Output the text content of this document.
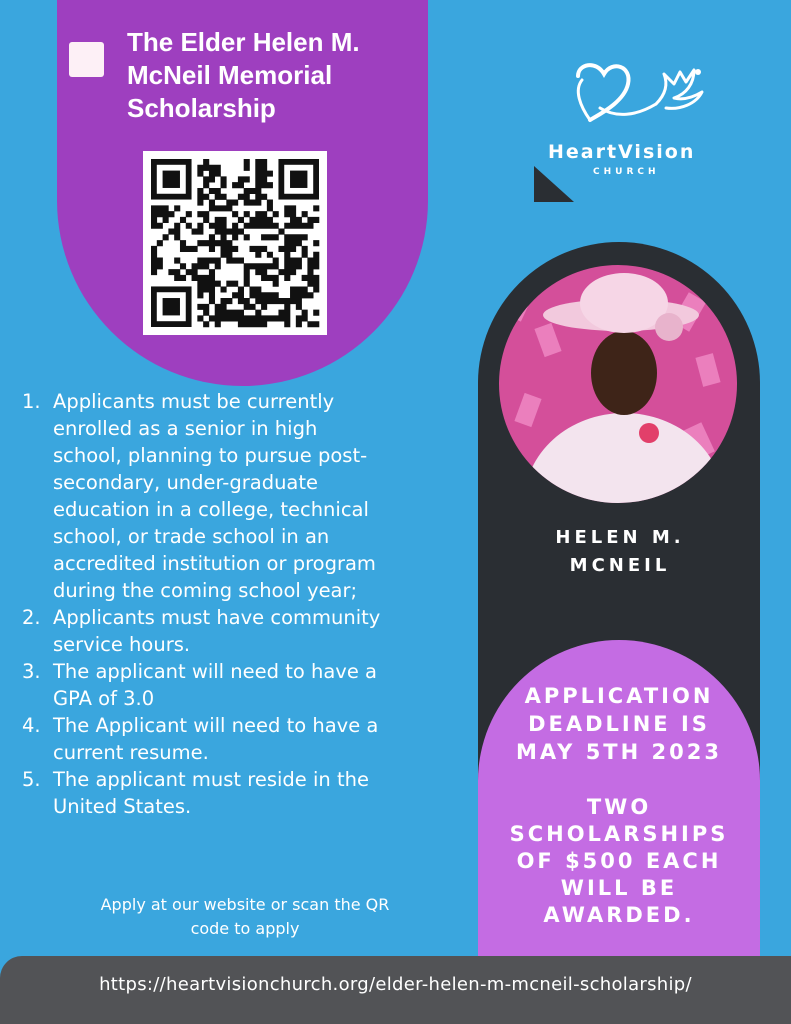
The Elder Helen M.
McNeil Memorial
Scholarship

HeartVision

CHURCH

HELEN M.
MCNEIL

APPLICATION
DEADLINE IS
MAY 5TH 2023

TWO
SCHOLARSHIPS
OF $500 EACH
WILL BE
AWARDED.

1. Applicants must be currently
enrolled as a senior in high
school, planning to pursue post-
secondary, under-graduate
education in a college, technical
school, or trade school in an
accredited institution or program
during the coming school year;
2. Applicants must have community
service hours.
3. The applicant will need to have a
GPA of 3.0
4. The Applicant will need to have a
current resume.
5. The applicant must reside in the
United States.

Apply at our website or scan the QR
code to apply

https://heartvisionchurch.org/elder-helen-m-mcneil-scholarship/
